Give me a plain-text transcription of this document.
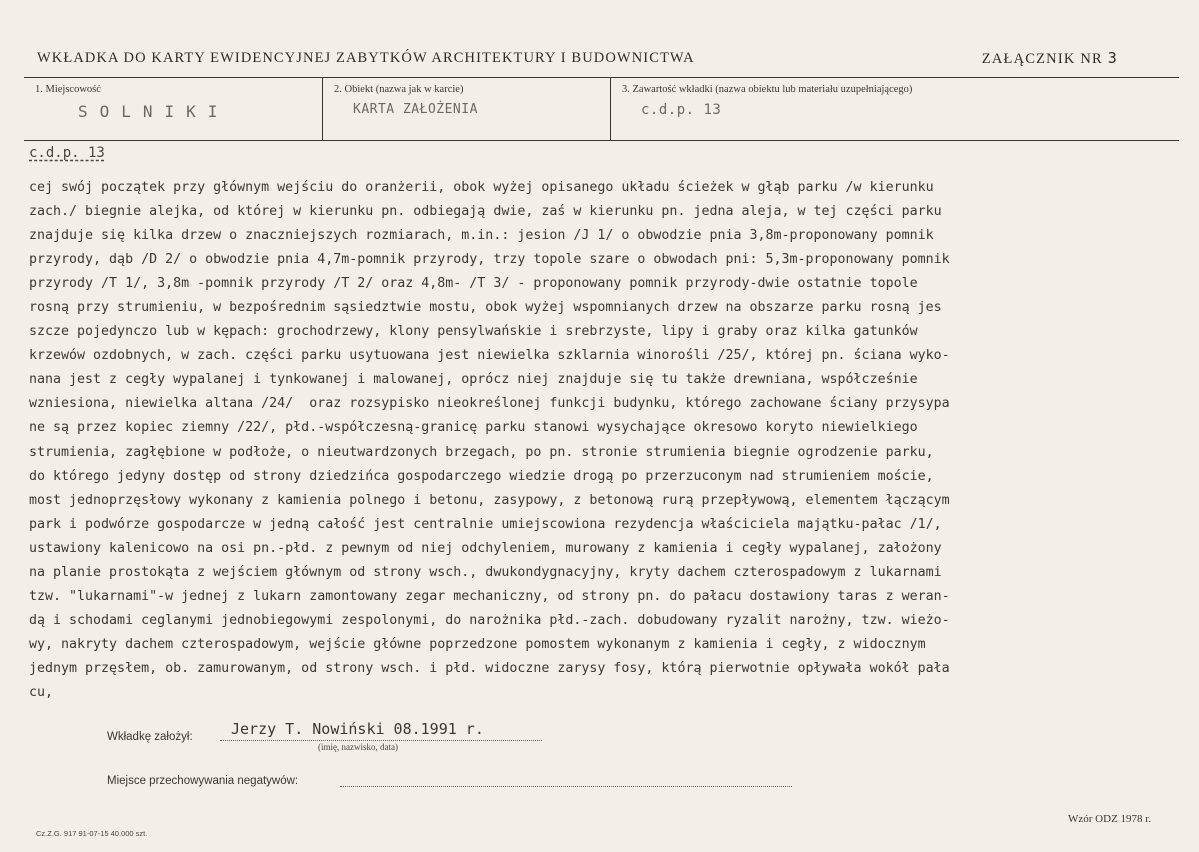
WKŁADKA DO KARTY EWIDENCYJNEJ ZABYTKÓW ARCHITEKTURY I BUDOWNICTWA	ZAŁĄCZNIK NR 3
1. Miejscowość
SOLNIKI
2. Obiekt (nazwa jak w karcie)
KARTA ZAŁOŻENIA
3. Zawartość wkładki (nazwa obiektu lub materiału uzupełniającego)
c.d.p. 13
c.d.p. 13
cej swój początek przy głównym wejściu do oranżerii, obok wyżej opisanego układu ścieżek w głąb parku /w kierunku
zach./ biegnie alejka, od której w kierunku pn. odbiegają dwie, zaś w kierunku pn. jedna aleja, w tej części parku
znajduje się kilka drzew o znaczniejszych rozmiarach, m.in.: jesion /J 1/ o obwodzie pnia 3,8m-proponowany pomnik
przyrody, dąb /D 2/ o obwodzie pnia 4,7m-pomnik przyrody, trzy topole szare o obwodach pni: 5,3m-proponowany pomnik
przyrody /T 1/, 3,8m -pomnik przyrody /T 2/ oraz 4,8m- /T 3/ - proponowany pomnik przyrody-dwie ostatnie topole
rosną przy strumieniu, w bezpośrednim sąsiedztwie mostu, obok wyżej wspomnianych drzew na obszarze parku rosną jes
szcze pojedynczo lub w kępach: grochodrzewy, klony pensylwańskie i srebrzyste, lipy i graby oraz kilka gatunków
krzewów ozdobnych, w zach. części parku usytuowana jest niewielka szklarnia winorośli /25/, której pn. ściana wyko-
nana jest z cegły wypalanej i tynkowanej i malowanej, oprócz niej znajduje się tu także drewniana, współcześnie
wzniesiona, niewielka altana /24/  oraz rozsypisko nieokreślonej funkcji budynku, którego zachowane ściany przysypa
ne są przez kopiec ziemny /22/, płd.-współczesną-granicę parku stanowi wysychające okresowo koryto niewielkiego
strumienia, zagłębione w podłoże, o nieutwardzonych brzegach, po pn. stronie strumienia biegnie ogrodzenie parku,
do którego jedyny dostęp od strony dziedzińca gospodarczego wiedzie drogą po przerzuconym nad strumieniem moście,
most jednoprzęsłowy wykonany z kamienia polnego i betonu, zasypowy, z betonową rurą przepływową, elementem łączącym
park i podwórze gospodarcze w jedną całość jest centralnie umiejscowiona rezydencja właściciela majątku-pałac /1/,
ustawiony kalenicowo na osi pn.-płd. z pewnym od niej odchyleniem, murowany z kamienia i cegły wypalanej, założony
na planie prostokąta z wejściem głównym od strony wsch., dwukondygnacyjny, kryty dachem czterospadowym z lukarnami
tzw. "lukarnami"-w jednej z lukarn zamontowany zegar mechaniczny, od strony pn. do pałacu dostawiony taras z weran-
dą i schodami ceglanymi jednobiegowymi zespolonymi, do narożnika płd.-zach. dobudowany ryzalit narożny, tzw. wieżo-
wy, nakryty dachem czterospadowym, wejście główne poprzedzone pomostem wykonanym z kamienia i cegły, z widocznym
jednym przęsłem, ob. zamurowanym, od strony wsch. i płd. widoczne zarysy fosy, którą pierwotnie opływała wokół pała
cu,
Wkładkę założył:	Jerzy T. Nowiński 08.1991 r.
(imię, nazwisko, data)
Miejsce przechowywania negatywów:
Cz.Z.G. 917 91-07-15 40.000 szt.
Wzór ODZ 1978 r.
